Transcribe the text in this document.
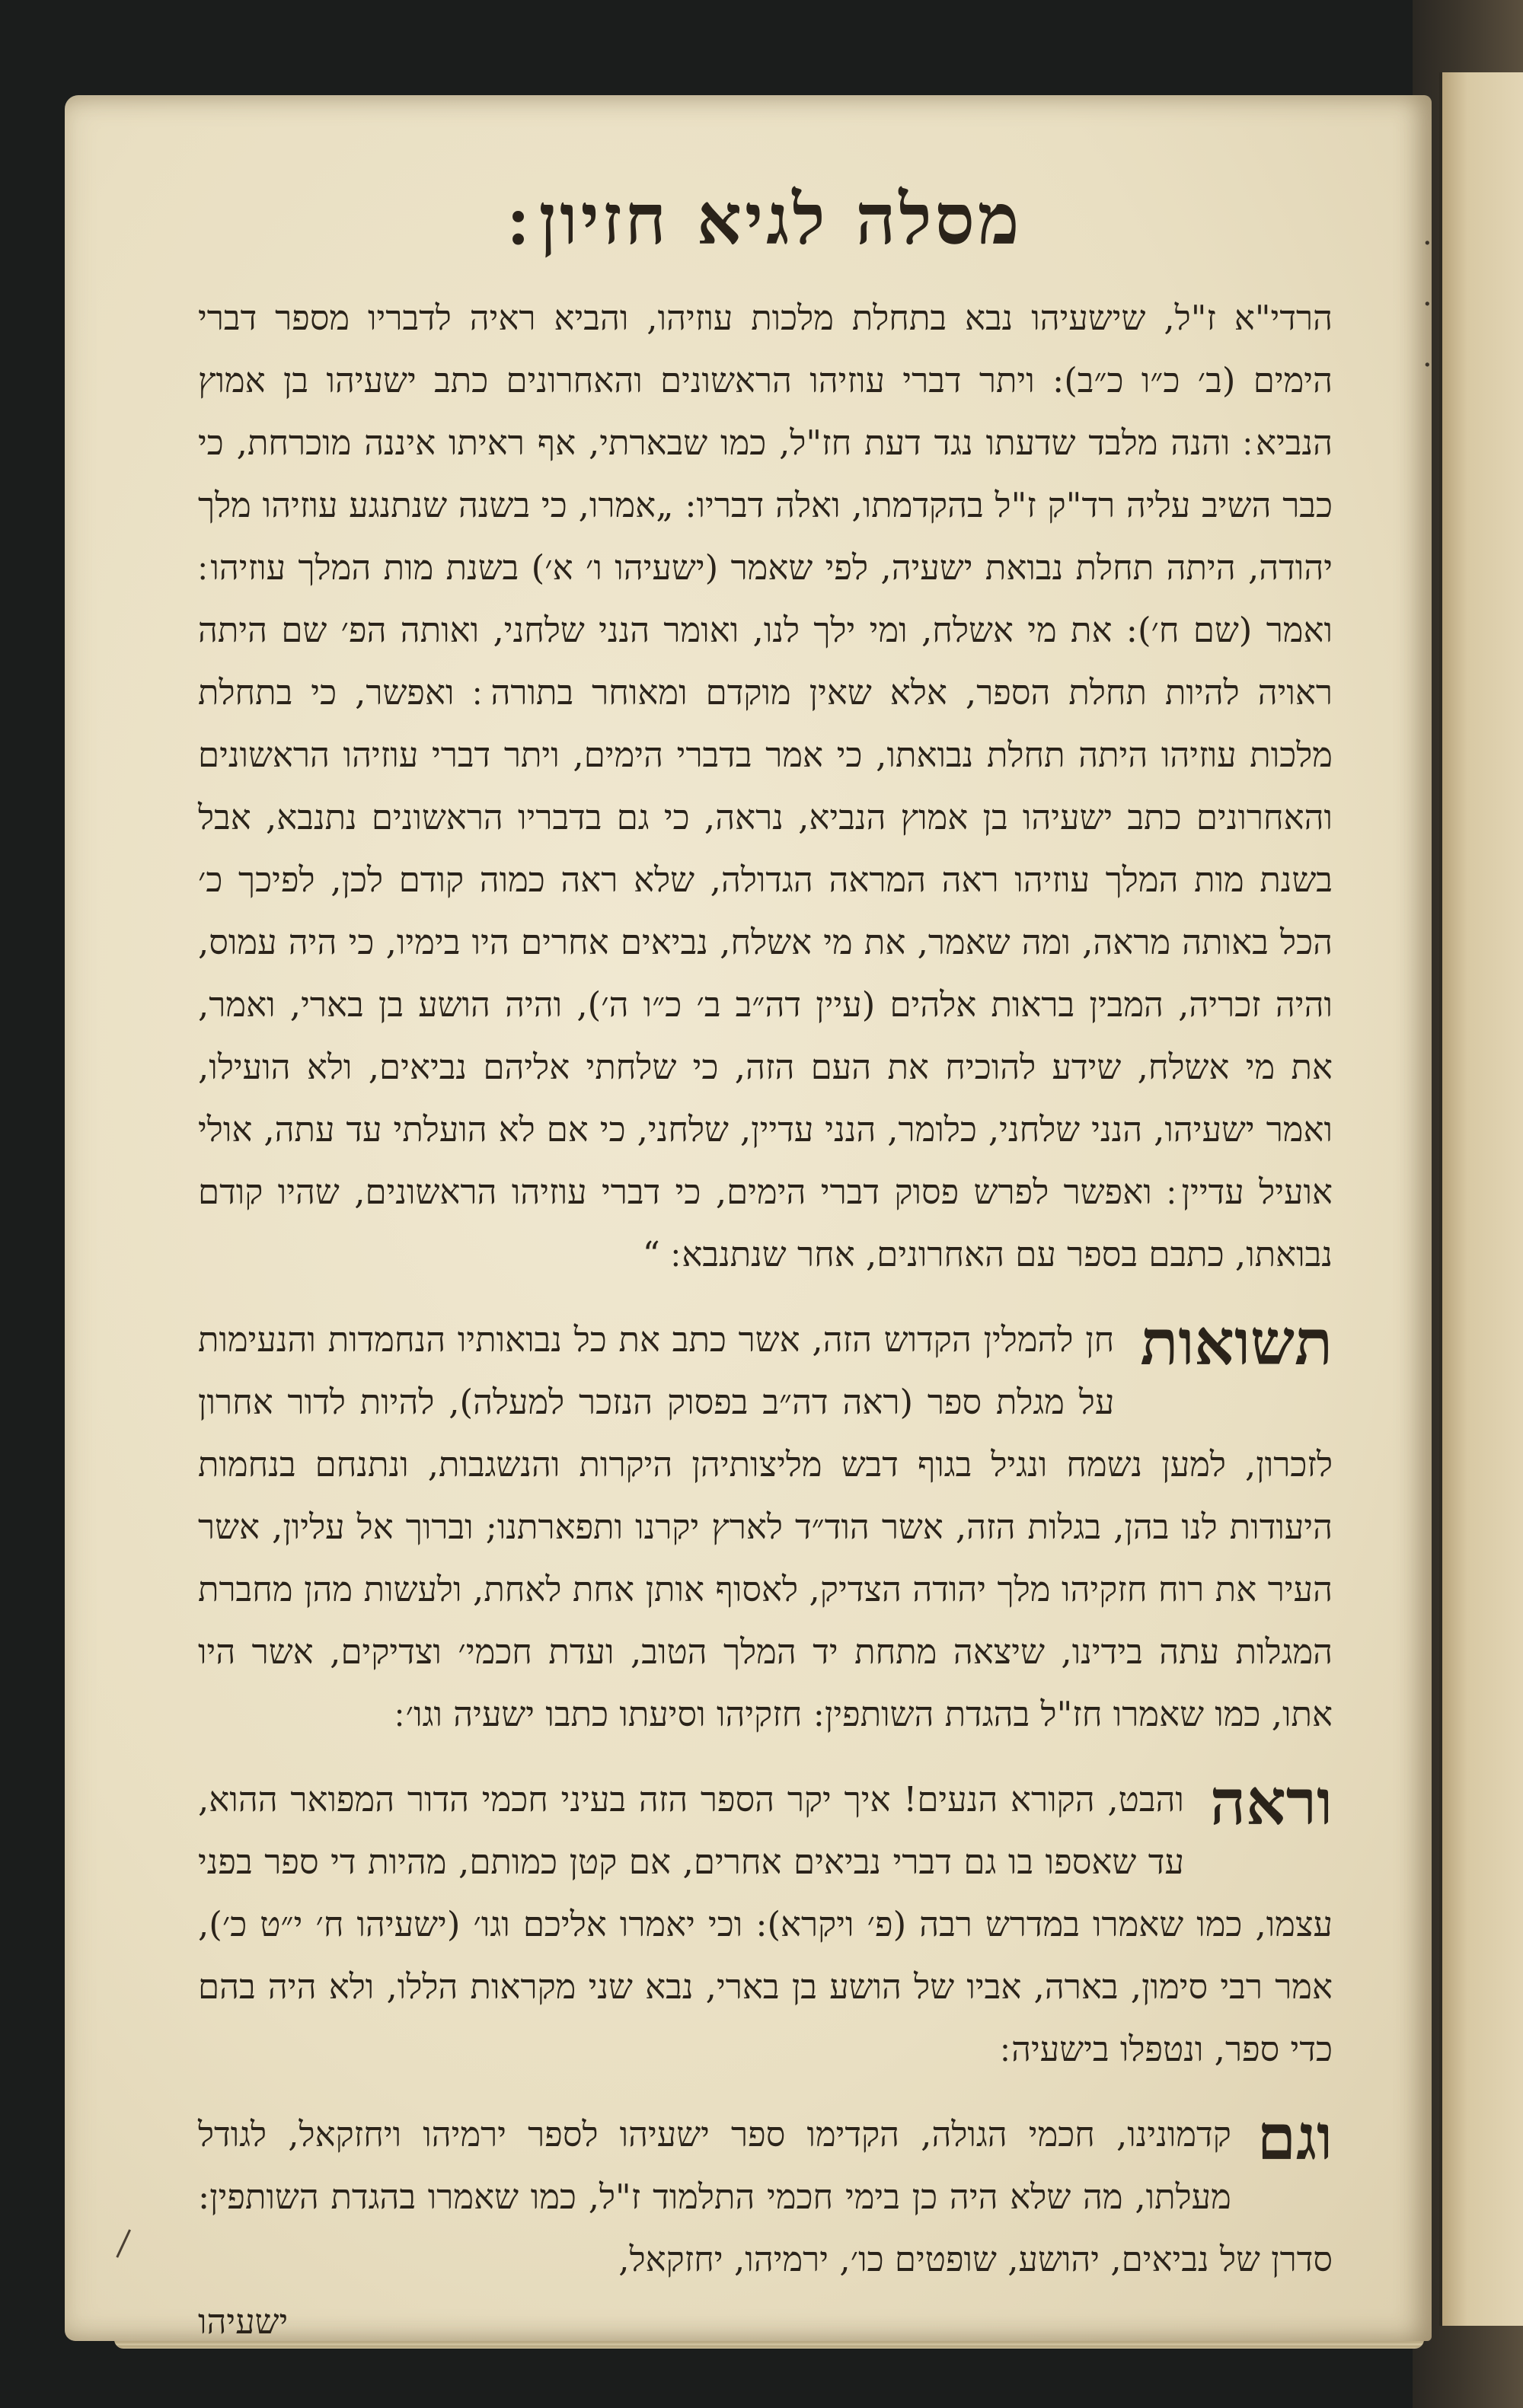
·
·
·
מסלה לגיא חזיון ׃

הרדי"א ז"ל, שישעיהו נבא בתחלת מלכות עוזיהו, והביא ראיה לדבריו מספר דברי הימים (ב׳ כ״ו כ״ב): ויתר דברי עוזיהו הראשונים והאחרונים כתב ישעיהו בן אמוץ הנביא ׃ והנה מלבד שדעתו נגד דעת חז"ל, כמו שבארתי, אף ראיתו איננה מוכרחת, כי כבר השיב עליה רד"ק ז"ל בהקדמתו, ואלה דבריו: „אמרו, כי בשנה שנתנגע עוזיהו מלך יהודה, היתה תחלת נבואת ישעיה, לפי שאמר (ישעיהו ו׳ א׳) בשנת מות המלך עוזיהו ׃ ואמר (שם ח׳): את מי אשלח, ומי ילך לנו, ואומר הנני שלחני, ואותה הפ׳ שם היתה ראויה להיות תחלת הספר, אלא שאין מוקדם ומאוחר בתורה ׃ ואפשר, כי בתחלת מלכות עוזיהו היתה תחלת נבואתו, כי אמר בדברי הימים, ויתר דברי עוזיהו הראשונים והאחרונים כתב ישעיהו בן אמוץ הנביא, נראה, כי גם בדבריו הראשונים נתנבא, אבל בשנת מות המלך עוזיהו ראה המראה הגדולה, שלא ראה כמוה קודם לכן, לפיכך כ׳ הכל באותה מראה, ומה שאמר, את מי אשלח, נביאים אחרים היו בימיו, כי היה עמוס, והיה זכריה, המבין בראות אלהים (עיין דה״ב ב׳ כ״ו ה׳), והיה הושע בן בארי, ואמר, את מי אשלח, שידע להוכיח את העם הזה, כי שלחתי אליהם נביאים, ולא הועילו, ואמר ישעיהו, הנני שלחני, כלומר, הנני עדיין, שלחני, כי אם לא הועלתי עד עתה, אולי אועיל עדיין ׃ ואפשר לפרש פסוק דברי הימים, כי דברי עוזיהו הראשונים, שהיו קודם נבואתו, כתבם בספר עם האחרונים, אחר שנתנבא ׃ “

תשואות
חן להמלין הקדוש הזה, אשר כתב את כל נבואותיו הנחמדות והנעימות על מגלת ספר (ראה דה״ב בפסוק הנזכר למעלה), להיות לדור אחרון לזכרון, למען נשמח ונגיל בגוף דבש מליצותיהן היקרות והנשגבות, ונתנחם בנחמות היעודות לנו בהן, בגלות הזה, אשר הוד״ד לארץ יקרנו ותפארתנו; וברוך אל עליון, אשר העיר את רוח חזקיהו מלך יהודה הצדיק, לאסוף אותן אחת לאחת, ולעשות מהן מחברת המגלות עתה בידינו, שיצאה מתחת יד המלך הטוב, ועדת חכמי׳ וצדיקים, אשר היו אתו, כמו שאמרו חז"ל בהגדת השותפין: חזקיהו וסיעתו כתבו ישעיה וגו׳ ׃

וראה
והבט, הקורא הנעים! איך יקר הספר הזה בעיני חכמי הדור המפואר ההוא, עד שאספו בו גם דברי נביאים אחרים, אם קטן כמותם, מהיות די ספר בפני עצמו, כמו שאמרו במדרש רבה (פ׳ ויקרא): וכי יאמרו אליכם וגו׳ (ישעיהו ח׳ י״ט כ׳), אמר רבי סימון, בארה, אביו של הושע בן בארי, נבא שני מקראות הללו, ולא היה בהם כדי ספר, ונטפלו בישעיה ׃

וגם
קדמונינו, חכמי הגולה, הקדימו ספר ישעיהו לספר ירמיהו ויחזקאל, לגודל מעלתו, מה שלא היה כן בימי חכמי התלמוד ז"ל, כמו שאמרו בהגדת השותפין: סדרן של נביאים, יהושע, שופטים כו׳, ירמיהו, יחזקאל,

ישעיהו
